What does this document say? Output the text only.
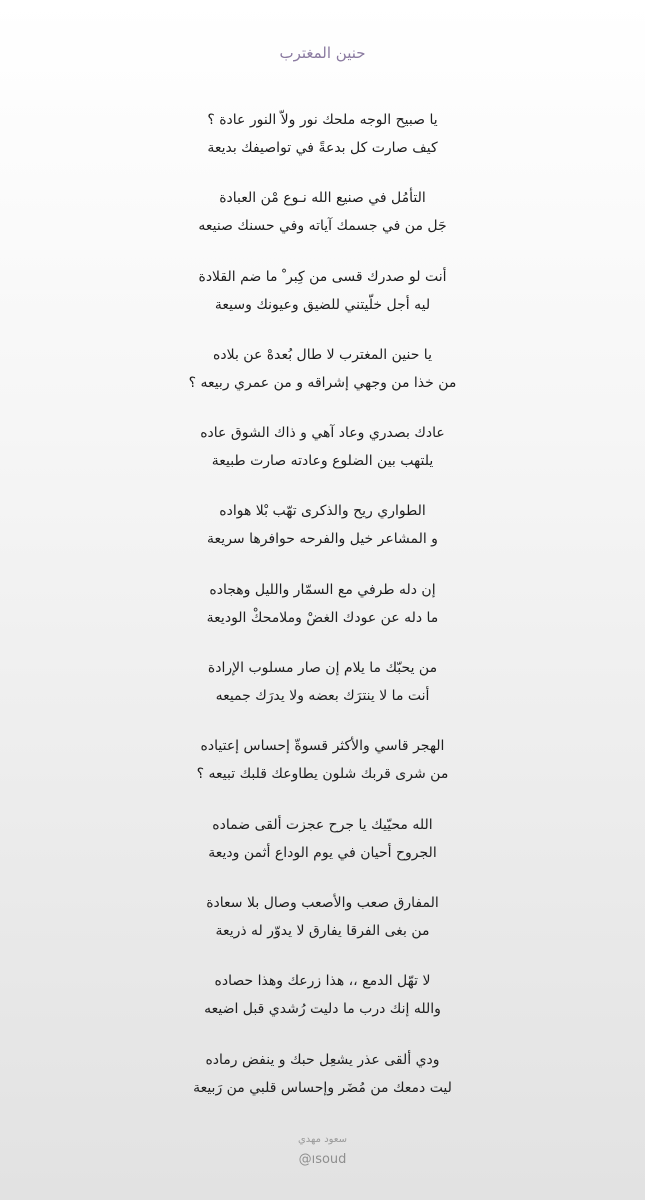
حنين المغترب
يا صبيح الوجه ملحك نور ولاّ النور عادة ؟
كيف صارت كل بدعةً في تواصيفك بديعة
التأمُل في صنيع الله نـوع مْن العبادة
جَل من في جسمك آياته وفي حسنك صنيعه
أنت لو صدرك قسى من كِبر ْ ما ضم القلادة
ليه أجل خلّيتني للضيق وعيونك وسيعة
يا حنين المغترب لا طال بُعدهْ عن بلاده
من خذا من وجهي إشراقه و من عمري ربيعه ؟
عادك بصدري وعاد آهي و ذاك الشوق عاده
يلتهب بين الضلوع وعادته صارت طبيعة
الطواري ريح والذكرى تهّب بْلا هواده
و المشاعر خيل والفرحه حوافرها سريعة
إن دله طرفي مع السمّار والليل وهجاده
ما دله عن عودك الغضْ وملامحكْ الوديعة
من يحبّك ما يلام إن صار مسلوب الإرادة
أنت ما لا ينترَك بعضه ولا يدرَك جميعه
الهجر قاسي والأكثر قسوةّ إحساس إعتياده
من شرى قربك شلون يطاوعك قلبك تبيعه ؟
الله محيّيك يا جرح عجزت ألقى ضماده
الجروح أحيان في يوم الوداع أثمن وديعة
المفارق صعب والأصعب وصال بلا سعادة
من بغى الفرقا يفارق لا يدوّر له ذريعة
لا تهّل الدمع ،، هذا زرعك وهذا حصاده
والله إنك درب ما دليت رُشدي قبل اضيعه
ودي ألقى عذر يشعِل حبك و ينفض رماده
ليت دمعك من مُضَر وإحساس قلبي من رَبيعة
سعود مهدي
@ısoud
